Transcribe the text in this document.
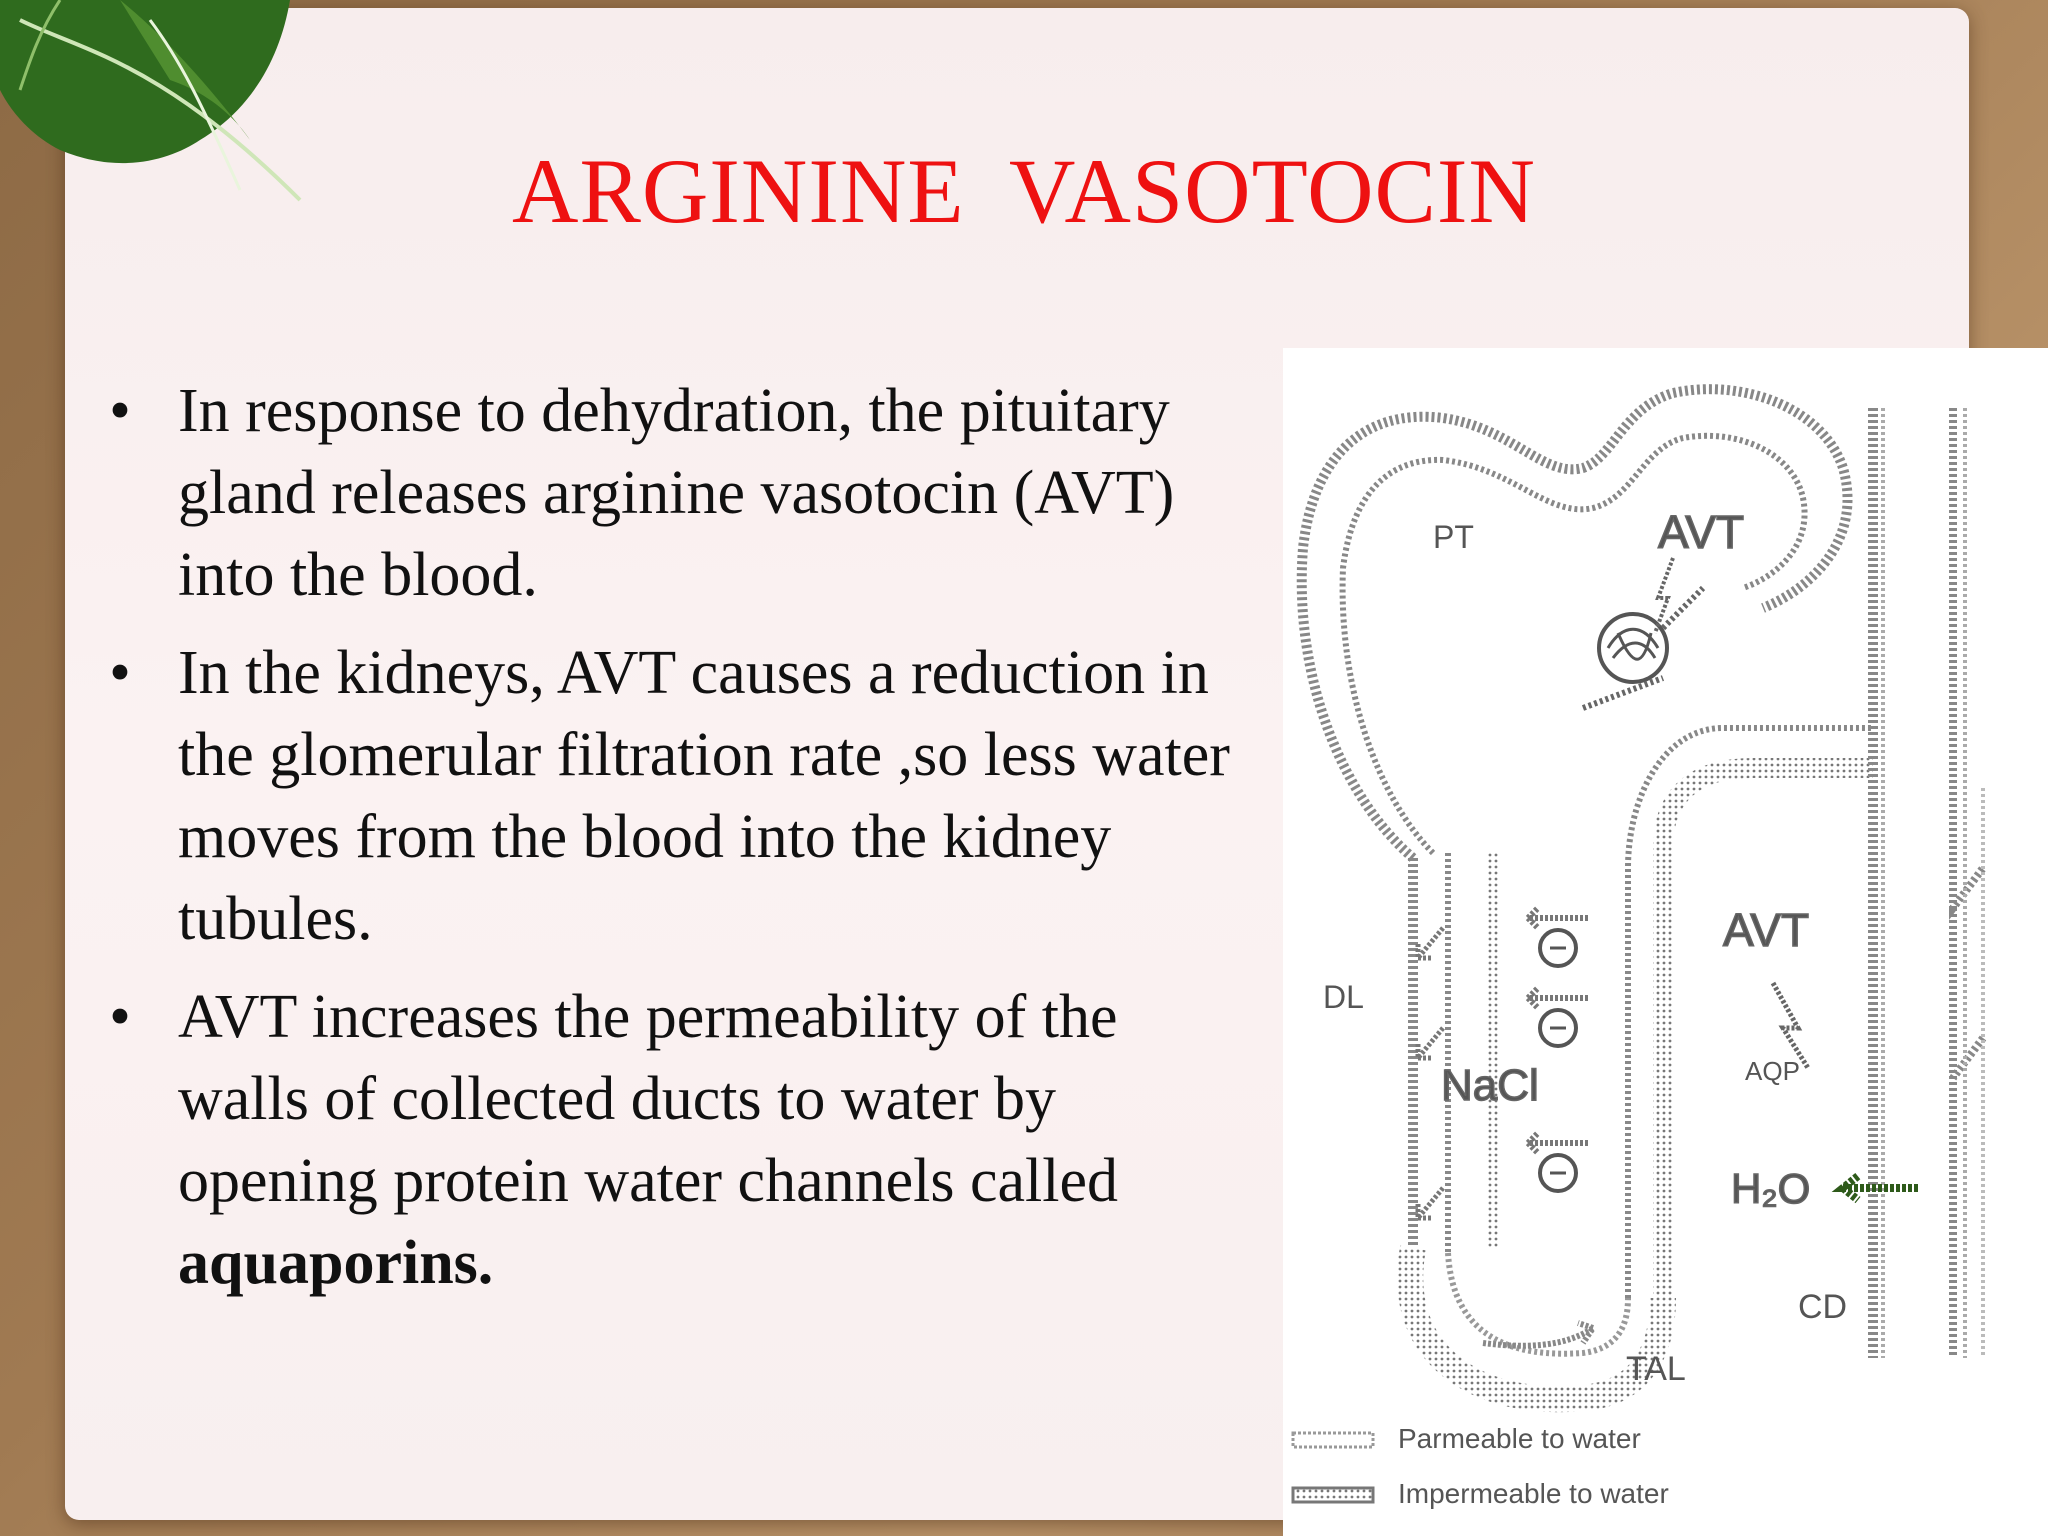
ARGININE VASOTOCIN
• In response to dehydration, the pituitary gland releases arginine vasotocin (AVT) into the blood.
• In the kidneys, AVT causes a reduction in the glomerular filtration rate ,so less water moves from the blood into the kidney tubules.
• AVT increases the permeability of the walls of collected ducts to water by opening protein water channels called aquaporins.
PT	AVT
DL
NaCl
AVT
AQP
H₂O
CD
TAL
Parmeable to water
Impermeable to water
